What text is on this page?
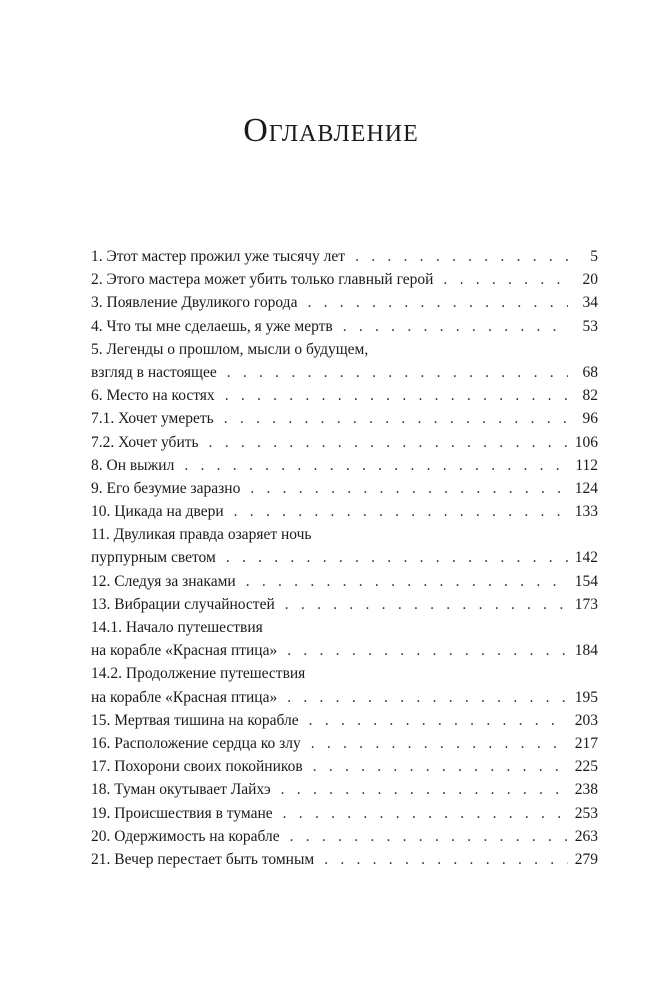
Оглавление
1. Этот мастер прожил уже тысячу лет . . .	5
2. Этого мастера может убить только главный герой . . .	20
3. Появление Двуликого города . . .	34
4. Что ты мне сделаешь, я уже мертв . . .	53
5. Легенды о прошлом, мысли о будущем,
взгляд в настоящее . . .	68
6. Место на костях . . .	82
7.1. Хочет умереть . . .	96
7.2. Хочет убить . . .	106
8. Он выжил . . .	112
9. Его безумие заразно . . .	124
10. Цикада на двери . . .	133
11. Двуликая правда озаряет ночь
пурпурным светом . . .	142
12. Следуя за знаками . . .	154
13. Вибрации случайностей . . .	173
14.1. Начало путешествия
на корабле «Красная птица» . . .	184
14.2. Продолжение путешествия
на корабле «Красная птица» . . .	195
15. Мертвая тишина на корабле . . .	203
16. Расположение сердца ко злу . . .	217
17. Похорони своих покойников . . .	225
18. Туман окутывает Лайхэ . . .	238
19. Происшествия в тумане . . .	253
20. Одержимость на корабле . . .	263
21. Вечер перестает быть томным . . .	279
